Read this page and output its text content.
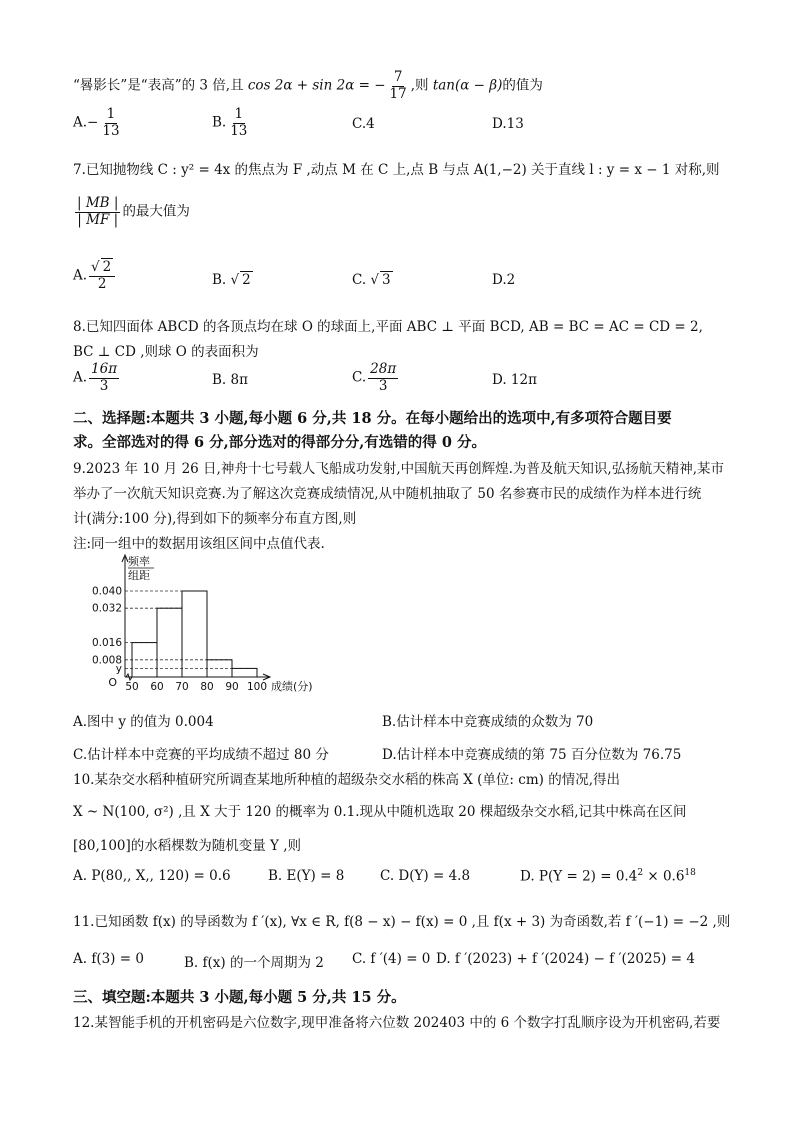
“晷影长”是“表高”的 3 倍,且 cos 2α + sin 2α = − $\frac{7}{17}$ ,则 tan(α − β)的值为
$A.- \frac{1}{13}$	B. $\frac{1}{13}$	C.4	D.13
7.已知抛物线 C : y² = 4x 的焦点为 F ,动点 M 在 C 上,点 B 与点 A(1,−2) 关于直线 l : y = x − 1 对称,则
$\frac{| MB |}{| MF |}$ 的最大值为
A. $\frac{√ 2}{2}$	B. √ 2	C. √ 3	D.2
8.已知四面体 ABCD 的各顶点均在球 O 的球面上,平面 ABC ⊥ 平面 BCD, AB = BC = AC = CD = 2,
BC ⊥ CD ,则球 O 的表面积为
A. $\frac{16\pi}{3}$	B. 8π	C. $\frac{28\pi}{3}$	D. 12π
二、选择题:本题共 3 小题,每小题 6 分,共 18 分。在每小题给出的选项中,有多项符合题目要
求。全部选对的得 6 分,部分选对的得部分分,有选错的得 0 分。
9.2023 年 10 月 26 日,神舟十七号载人飞船成功发射,中国航天再创辉煌.为普及航天知识,弘扬航天精神,某市
举办了一次航天知识竞赛.为了解这次竞赛成绩情况,从中随机抽取了 50 名参赛市民的成绩作为样本进行统
计(满分:100 分),得到如下的频率分布直方图,则
注:同一组中的数据用该组区间中点值代表.
频率
组距
0.040
0.032
0.016
0.008
y
O 50 60 70 80 90 100 成绩(分)
A.图中 y 的值为 0.004	B.估计样本中竞赛成绩的众数为 70
C.估计样本中竞赛的平均成绩不超过 80 分	D.估计样本中竞赛成绩的第 75 百分位数为 76.75
10.某杂交水稻种植研究所调查某地所种植的超级杂交水稻的株高 X (单位: cm) 的情况,得出
X ~ N(100, σ²) ,且 X 大于 120 的概率为 0.1.现从中随机选取 20 棵超级杂交水稻,记其中株高在区间
[80,100]的水稻棵数为随机变量 Y ,则
A. P(80,, X,, 120) = 0.6	B. E(Y) = 8	C. D(Y) = 4.8	D. $P(Y = 2) = 0.4^2 \times 0.6^{18}$
11.已知函数 f(x) 的导函数为 f ′(x), ∀x ∈ R, f(8 − x) − f(x) = 0 ,且 f(x + 3) 为奇函数,若 f ′(−1) = −2 ,则
A. f(3) = 0	B. f(x) 的一个周期为 2 C. f ′(4) = 0 D. f ′(2023) + f ′(2024) − f ′(2025) = 4
三、填空题:本题共 3 小题,每小题 5 分,共 15 分。
12.某智能手机的开机密码是六位数字,现甲准备将六位数 202403 中的 6 个数字打乱顺序设为开机密码,若要
